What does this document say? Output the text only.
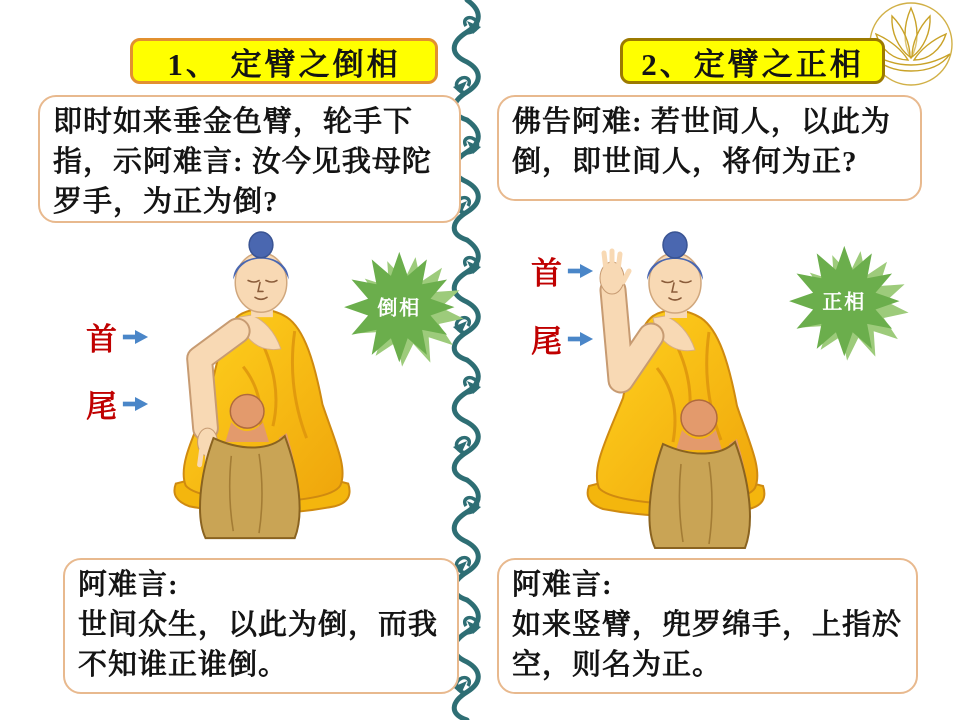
1、 定臂之倒相
即时如来垂金色臂，轮手下指，示阿难言: 汝今见我母陀罗手，为正为倒?
倒相
首
尾
阿难言:
世间众生，以此为倒，而我不知谁正谁倒。
2、定臂之正相
佛告阿难: 若世间人，以此为倒，即世间人，将何为正?
正相
首
尾
阿难言:
如来竖臂，兜罗绵手，上指於空，则名为正。
